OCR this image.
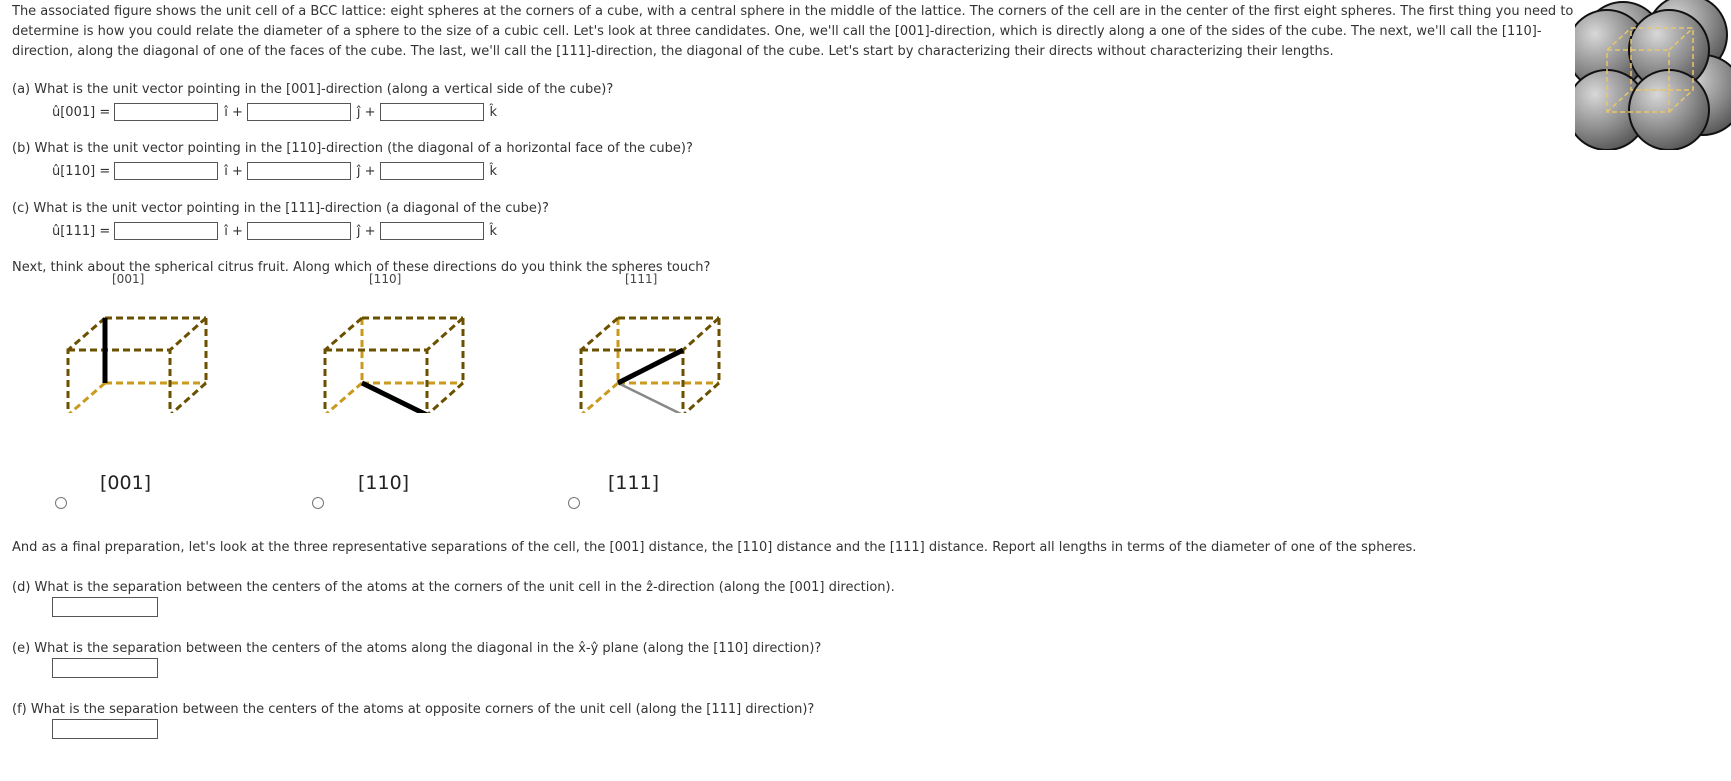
The associated figure shows the unit cell of a BCC lattice: eight spheres at the corners of a cube, with a central sphere in the middle of the lattice. The corners of the cell are in the center of the first eight spheres. The first thing you need to determine is how you could relate the diameter of a sphere to the size of a cubic cell. Let's look at three candidates. One, we'll call the [001]-direction, which is directly along a one of the sides of the cube. The next, we'll call the [110]-direction, along the diagonal of one of the faces of the cube. The last, we'll call the [111]-direction, the diagonal of the cube. Let's start by characterizing their directs without characterizing their lengths.

(a) What is the unit vector pointing in the [001]-direction (along a vertical side of the cube)?

û[001] =	î +	ĵ +	k̂

(b) What is the unit vector pointing in the [110]-direction (the diagonal of a horizontal face of the cube)?

û[110] =	î +	ĵ +	k̂

(c) What is the unit vector pointing in the [111]-direction (a diagonal of the cube)?

û[111] =	î +	ĵ +	k̂

Next, think about the spherical citrus fruit. Along which of these directions do you think the spheres touch?

[001]
[001]
[110]
[110]
[111]
[111]

And as a final preparation, let's look at the three representative separations of the cell, the [001] distance, the [110] distance and the [111] distance. Report all lengths in terms of the diameter of one of the spheres.

(d) What is the separation between the centers of the atoms at the corners of the unit cell in the ẑ-direction (along the [001] direction).

(e) What is the separation between the centers of the atoms along the diagonal in the x̂-ŷ plane (along the [110] direction)?

(f) What is the separation between the centers of the atoms at opposite corners of the unit cell (along the [111] direction)?
